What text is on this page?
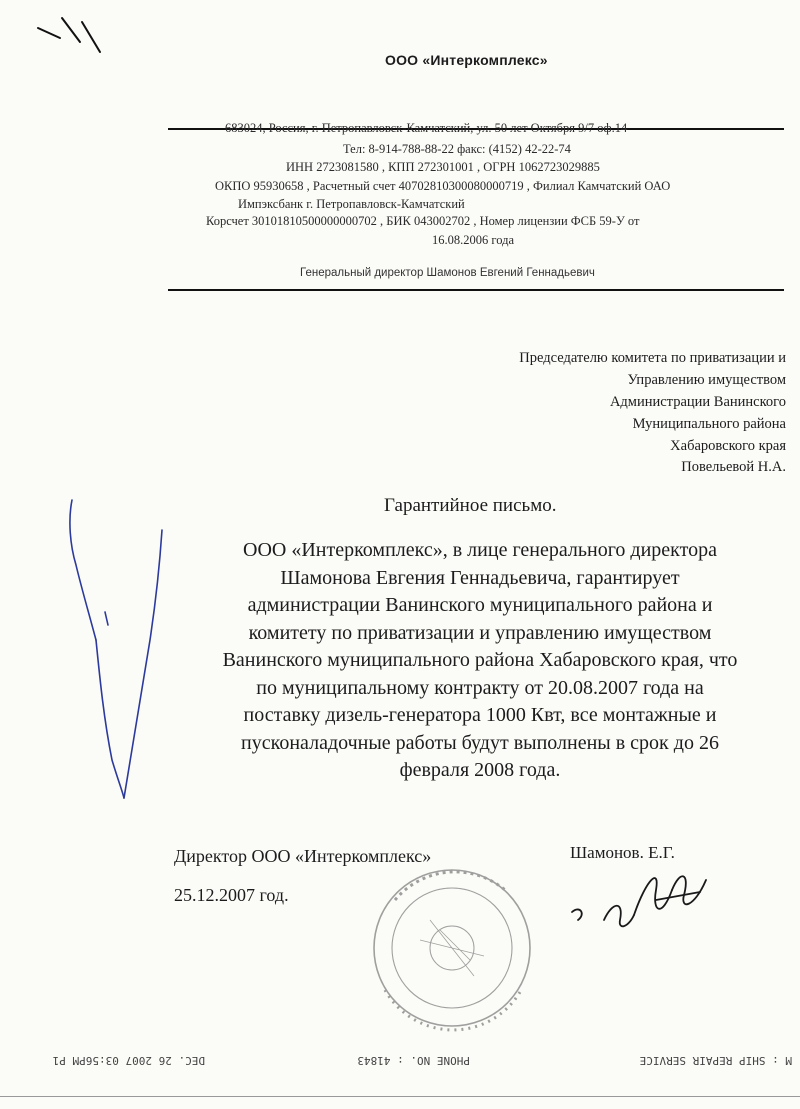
ООО «Интеркомплекс»
683024, Россия, г. Петропавловск-Камчатский, ул. 50 лет Октября 9/7 оф.14
Тел: 8-914-788-88-22 факс: (4152) 42-22-74
ИНН 2723081580 , КПП 272301001 , ОГРН 1062723029885
ОКПО 95930658 , Расчетный счет 40702810300080000719 , Филиал Камчатский ОАО
Импэксбанк г. Петропавловск-Камчатский
Корсчет 30101810500000000702 , БИК 043002702 , Номер лицензии ФСБ 59-У от
16.08.2006 года
Генеральный директор Шамонов Евгений Геннадьевич
Председателю комитета по приватизации и
Управлению имуществом
Администрации Ванинского
Муниципального района
Хабаровского края
Повельевой Н.А.
Гарантийное письмо.
ООО «Интеркомплекс», в лице генерального директора
Шамонова Евгения Геннадьевича, гарантирует
администрации Ванинского муниципального района и
комитету по приватизации и управлению имуществом
Ванинского муниципального района Хабаровского края, что
по муниципальному контракту от 20.08.2007 года на
поставку дизель-генератора 1000 Квт, все монтажные и
пусконаладочные работы будут выполнены в срок до 26
февраля 2008 года.
Директор ООО «Интеркомплекс»	Шамонов. Е.Г.
25.12.2007 год.
M : SHIP REPAIR SERVICE
PHONE NO. : 41843
DEC. 26 2007 03:56PM P1
